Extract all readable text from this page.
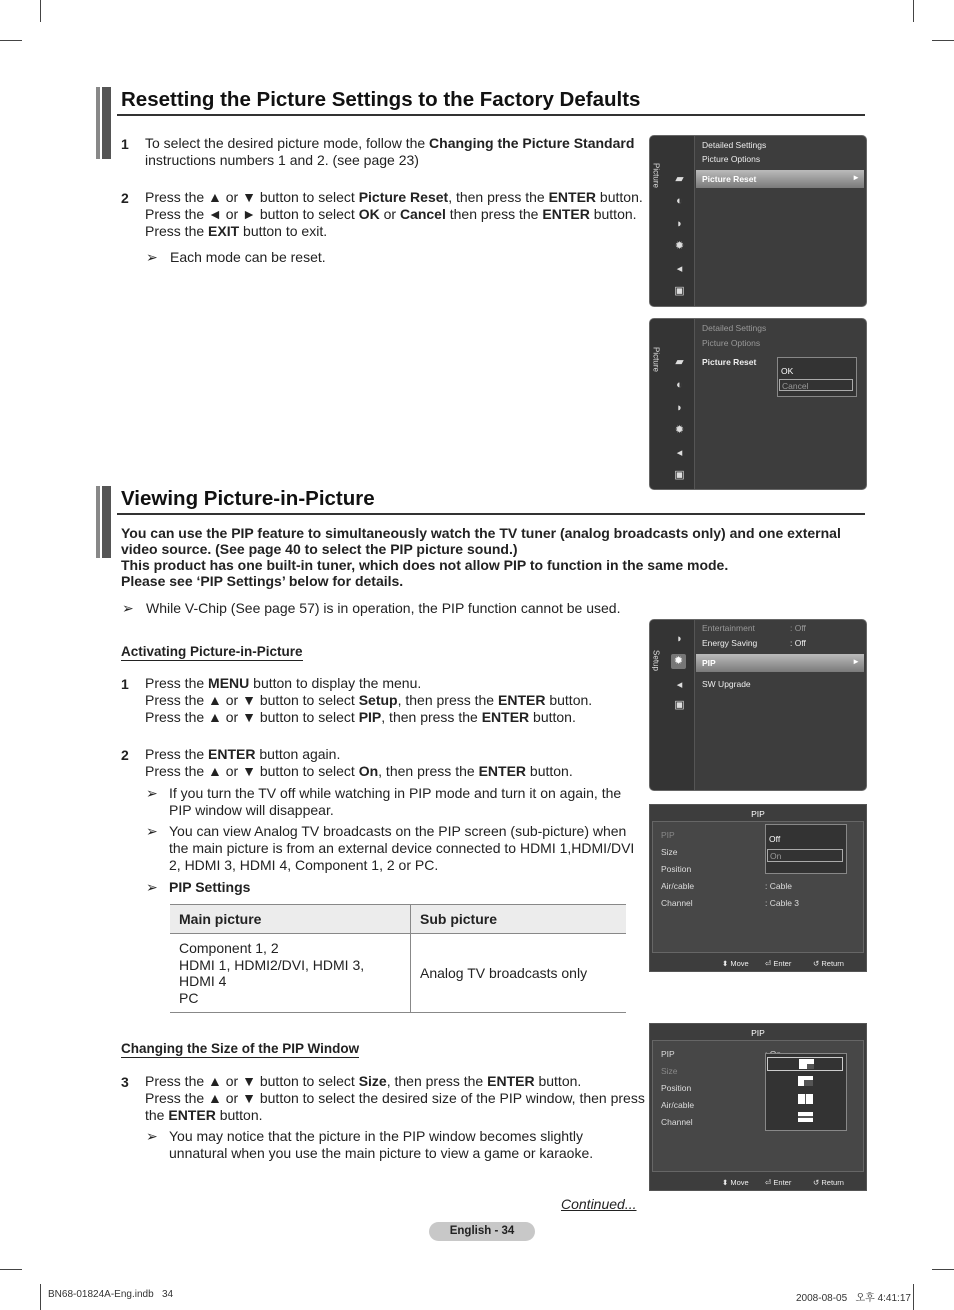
Resetting the Picture Settings to the Factory Defaults
1 To select the desired picture mode, follow the Changing the Picture Standard
instructions numbers 1 and 2. (see page 23)
2 Press the ▲ or ▼ button to select Picture Reset, then press the ENTER button.
Press the ◄ or ► button to select OK or Cancel then press the ENTER button.
Press the EXIT button to exit.
➢ Each mode can be reset.
Picture ▰
◐
◗
✹
◂
▣
Detailed Settings
Picture Options
Picture Reset	►
Picture ▰
◐
◗
✹
◂
▣
Detailed Settings
Picture Options
Picture Reset
OK
Cancel
Viewing Picture-in-Picture
You can use the PIP feature to simultaneously watch the TV tuner (analog broadcasts only) and one external
video source. (See page 40 to select the PIP picture sound.)
This product has one built-in tuner, which does not allow PIP to function in the same mode.
Please see ‘PIP Settings’ below for details.
➢ While V-Chip (See page 57) is in operation, the PIP function cannot be used.
Activating Picture-in-Picture
1 Press the MENU button to display the menu.
Press the ▲ or ▼ button to select Setup, then press the ENTER button.
Press the ▲ or ▼ button to select PIP, then press the ENTER button.
2 Press the ENTER button again.
Press the ▲ or ▼ button to select On, then press the ENTER button.
➢ If you turn the TV off while watching in PIP mode and turn it on again, the
PIP window will disappear.
➢ You can view Analog TV broadcasts on the PIP screen (sub-picture) when
the main picture is from an external device connected to HDMI 1,HDMI/DVI
2, HDMI 3, HDMI 4, Component 1, 2 or PC.
➢ PIP Settings
Main picture	Sub picture

Component 1, 2
HDMI 1, HDMI2/DVI, HDMI 3, HDMI 4
PC	Analog TV broadcasts only
Changing the Size of the PIP Window
3 Press the ▲ or ▼ button to select Size, then press the ENTER button.
Press the ▲ or ▼ button to select the desired size of the PIP window, then press
the ENTER button.
➢ You may notice that the picture in the PIP window becomes slightly
unnatural when you use the main picture to view a game or karaoke.
Continued...
Setup
◗
✹
◂
▣
Entertainment	: Off
Energy Saving	: Off
PIP	►
SW Upgrade
PIP
PIP
Size
Position
Air/cable	: Cable
Channel	: Cable 3
Off
On
⬍ Move ⏎ Enter	↺ Return
PIP
PIP
Size
Position
Air/cable
Channel
⬍ Move ⏎ Enter	↺ Return
English - 34
BN68-01824A-Eng.indb   34	2008-08-05   오후 4:41:17
